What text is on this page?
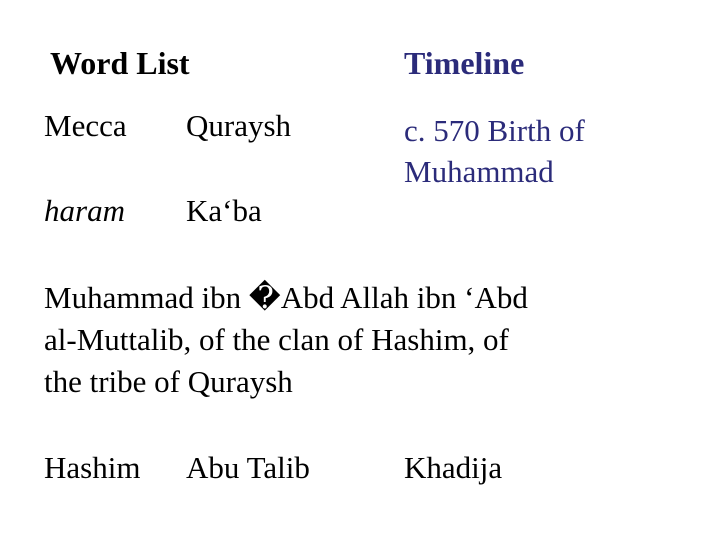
Word List	Timeline
Mecca Quraysh
haram Ka‘ba
c. 570 Birth of
Muhammad
Muhammad ibn �Abd Allah ibn ‘Abd
al-Muttalib, of the clan of Hashim, of
the tribe of Quraysh
Hashim Abu Talib	Khadija
